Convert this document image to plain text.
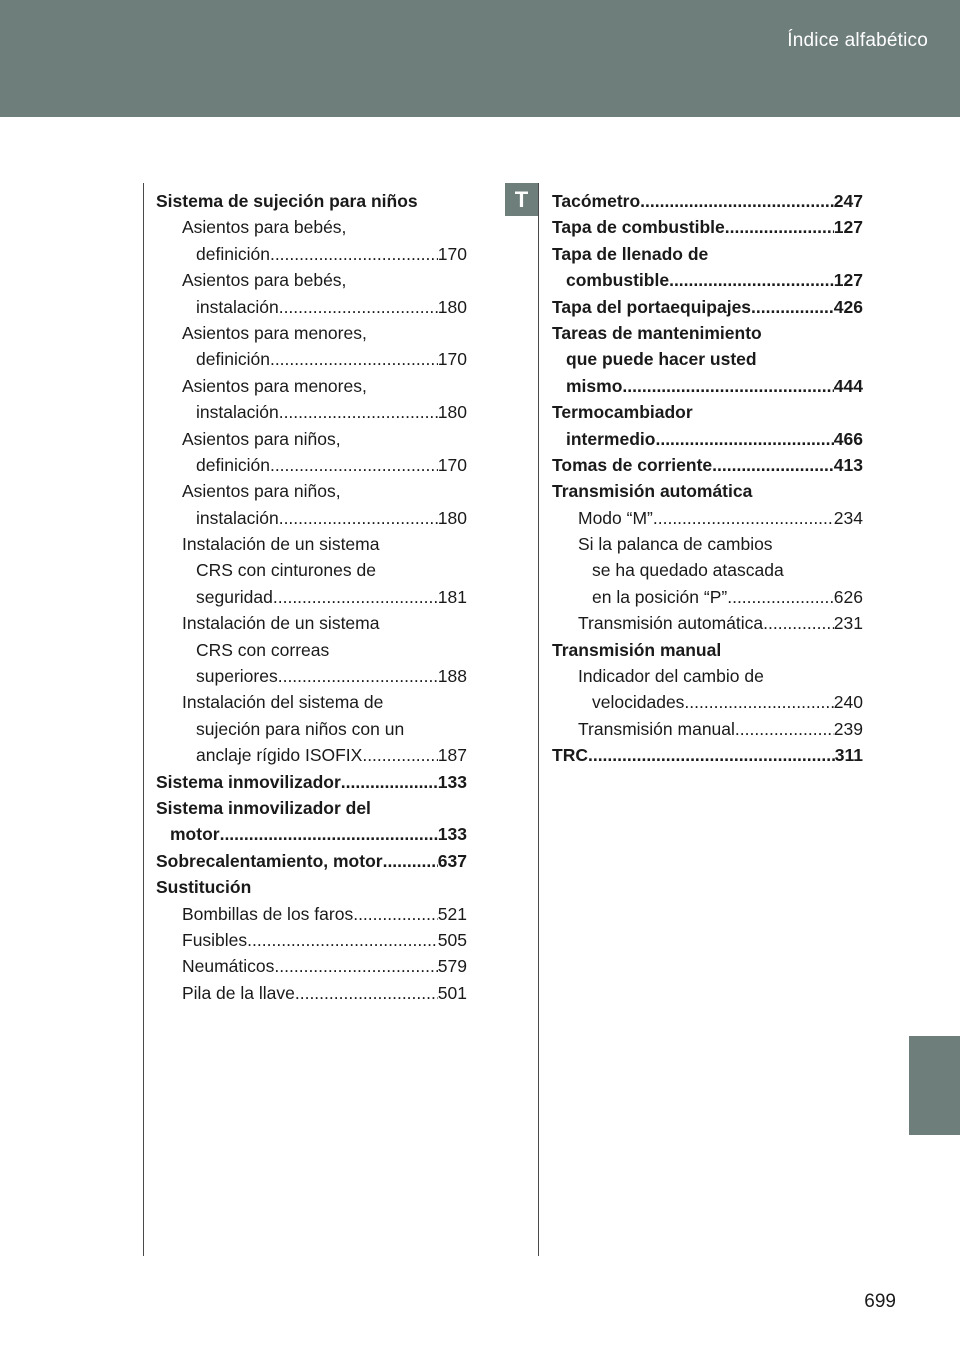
Índice alfabético
T
Sistema de sujeción para niños
Asientos para bebés,
definición .....	170
Asientos para bebés,
instalación .....	180
Asientos para menores,
definición .....	170
Asientos para menores,
instalación .....	180
Asientos para niños,
definición .....	170
Asientos para niños,
instalación .....	180
Instalación de un sistema
CRS con cinturones de
seguridad .....	181
Instalación de un sistema
CRS con correas
superiores .....	188
Instalación del sistema de
sujeción para niños con un
anclaje rígido ISOFIX .....	187
Sistema inmovilizador .....	133
Sistema inmovilizador del
motor .....	133
Sobrecalentamiento, motor .....	637
Sustitución
Bombillas de los faros .....	521
Fusibles .....	505
Neumáticos .....	579
Pila de la llave .....	501
Tacómetro .....	247
Tapa de combustible .....	127
Tapa de llenado de
combustible .....	127
Tapa del portaequipajes .....	426
Tareas de mantenimiento
que puede hacer usted
mismo .....	444
Termocambiador
intermedio .....	466
Tomas de corriente .....	413
Transmisión automática
Modo “M” .....	234
Si la palanca de cambios
se ha quedado atascada
en la posición “P” .....	626
Transmisión automática .....	231
Transmisión manual
Indicador del cambio de
velocidades .....	240
Transmisión manual .....	239
TRC .....	311
699
